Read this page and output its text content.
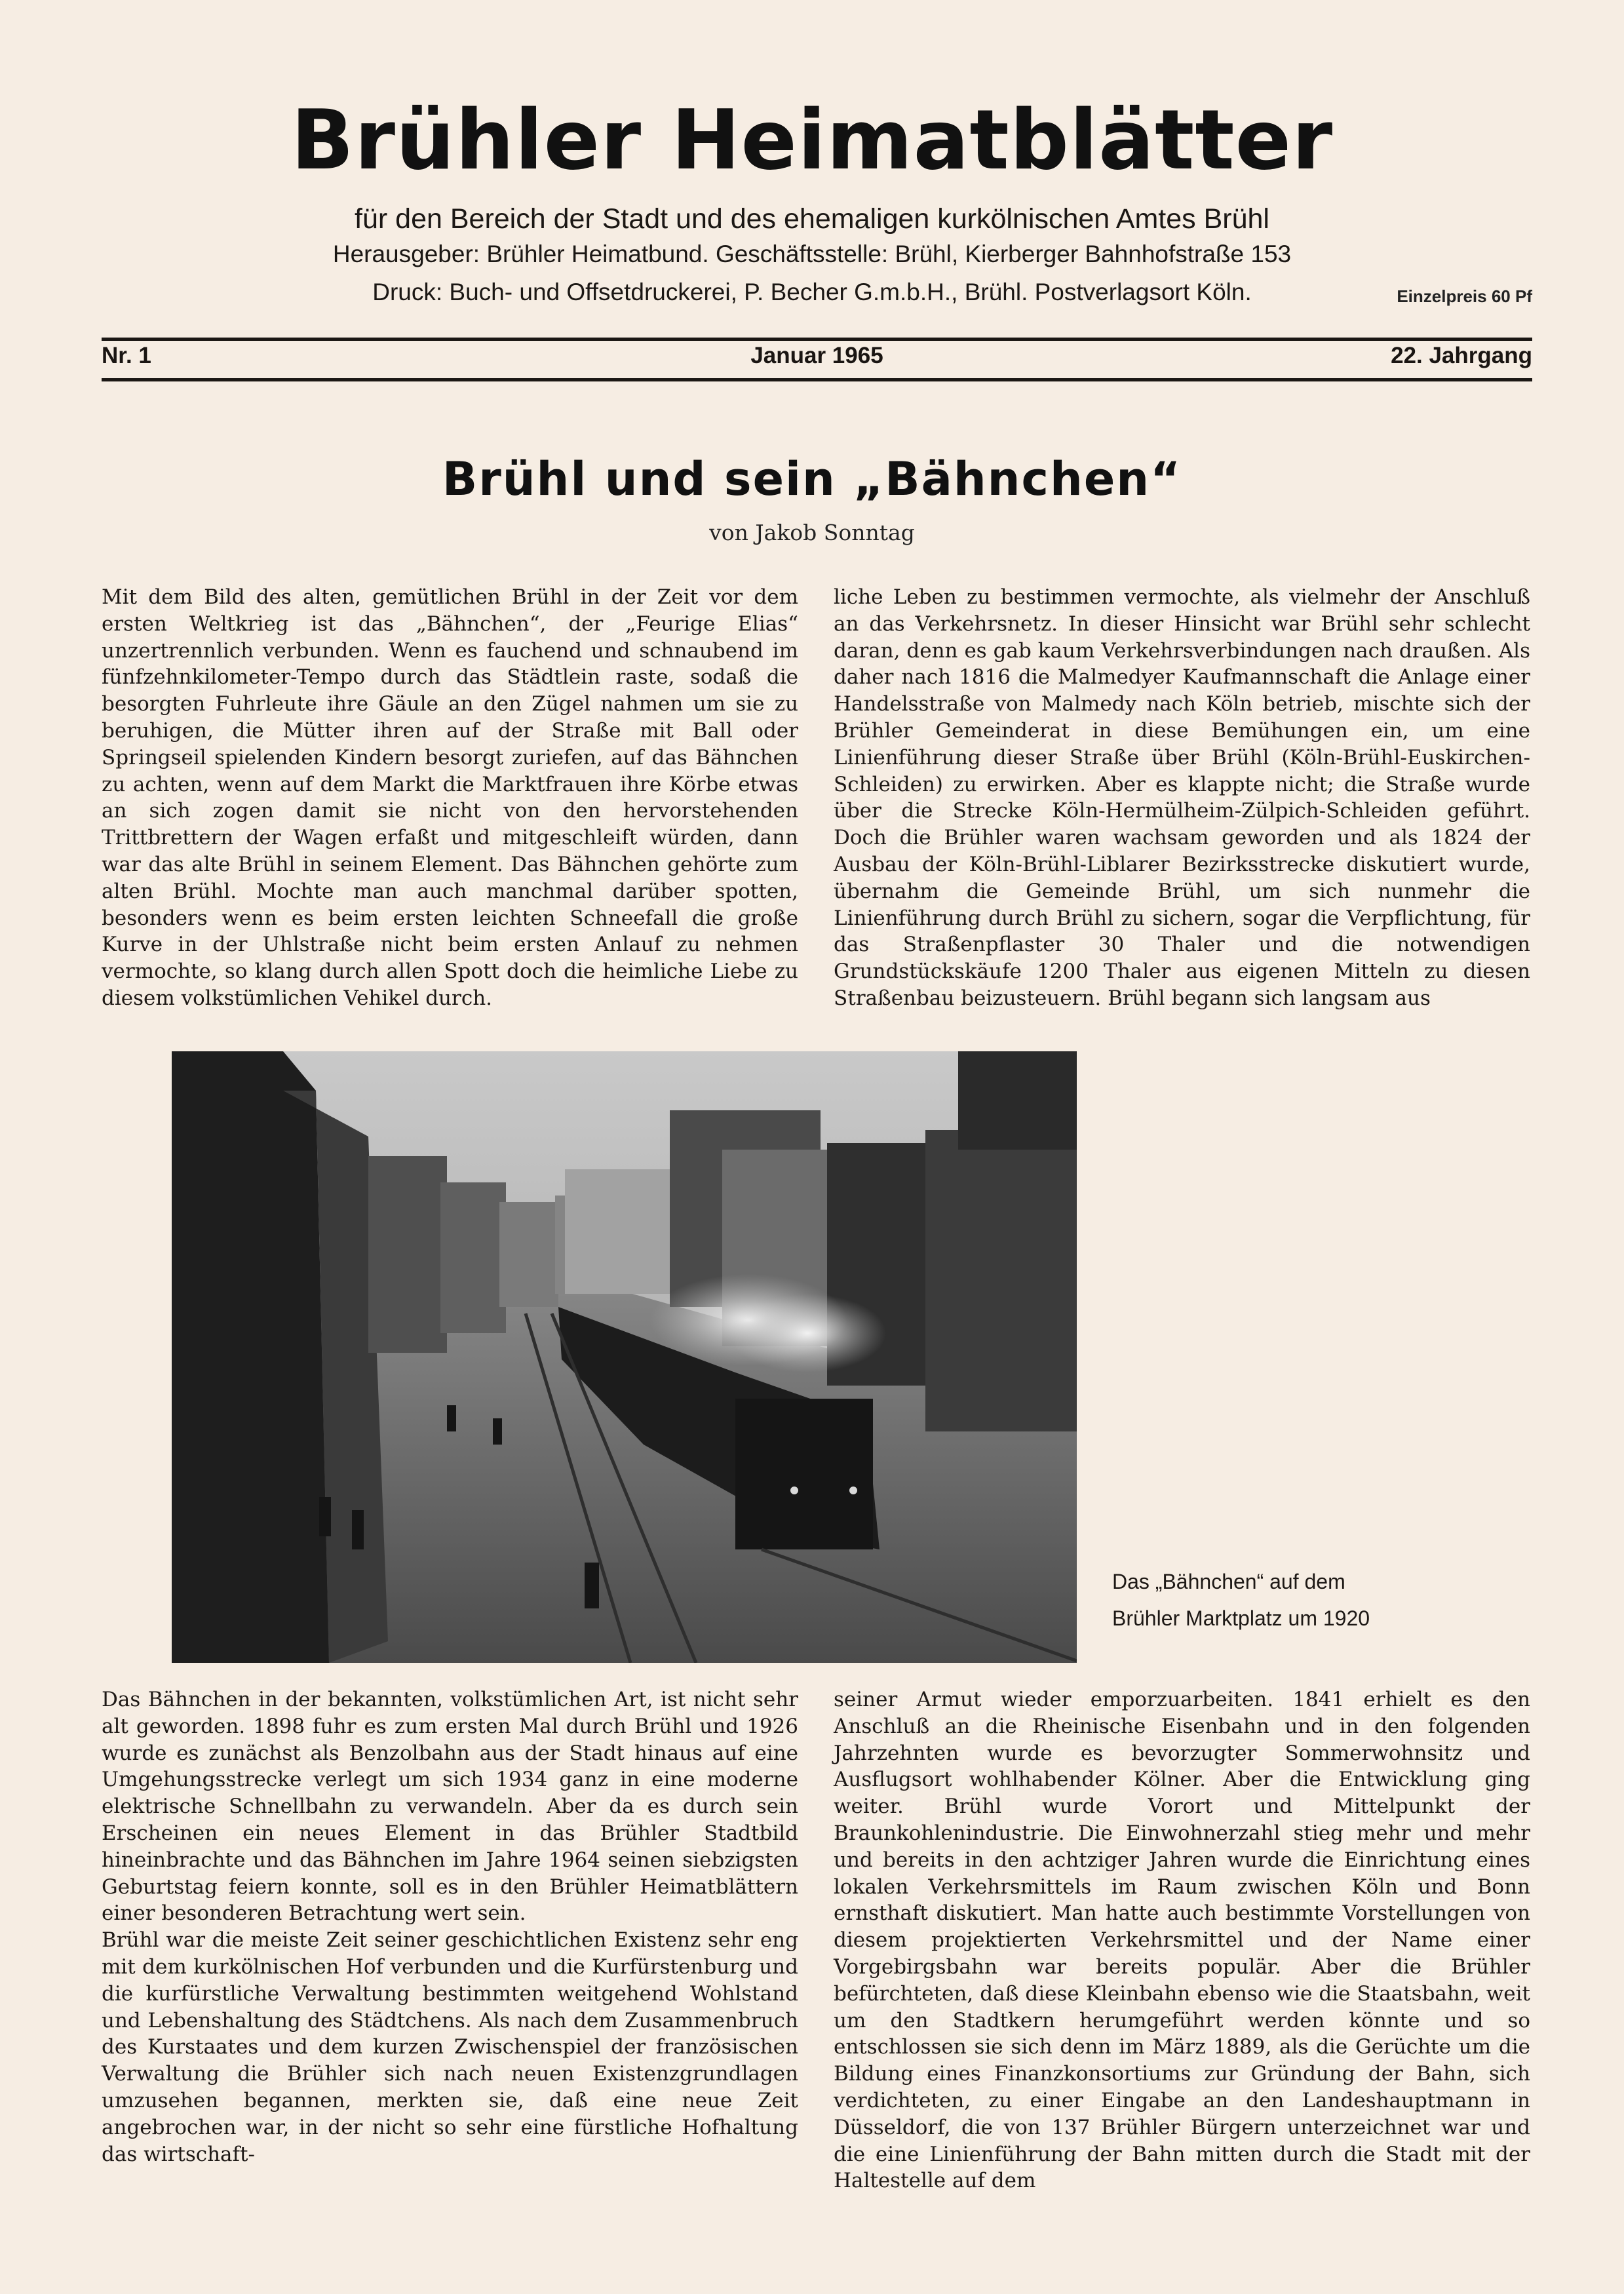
Brühler Heimatblätter
für den Bereich der Stadt und des ehemaligen kurkölnischen Amtes Brühl
Herausgeber: Brühler Heimatbund. Geschäftsstelle: Brühl, Kierberger Bahnhofstraße 153
Druck: Buch- und Offsetdruckerei, P. Becher G.m.b.H., Brühl. Postverlagsort Köln.	Einzelpreis 60 Pf
Nr. 1	Januar 1965	22. Jahrgang
Brühl und sein „Bähnchen“
von Jakob Sonntag

Mit dem Bild des alten, gemütlichen Brühl in der Zeit vor dem ersten Weltkrieg ist das „Bähnchen“, der „Feurige Elias“ unzertrennlich verbunden. Wenn es fauchend und schnaubend im fünfzehnkilometer-Tempo durch das Städtlein raste, sodaß die besorgten Fuhrleute ihre Gäule an den Zügel nahmen um sie zu beruhigen, die Mütter ihren auf der Straße mit Ball oder Springseil spielenden Kindern besorgt zuriefen, auf das Bähnchen zu achten, wenn auf dem Markt die Marktfrauen ihre Körbe etwas an sich zogen damit sie nicht von den hervorstehenden Trittbrettern der Wagen erfaßt und mitgeschleift würden, dann war das alte Brühl in seinem Element. Das Bähnchen gehörte zum alten Brühl. Mochte man auch manchmal darüber spotten, besonders wenn es beim ersten leichten Schneefall die große Kurve in der Uhlstraße nicht beim ersten Anlauf zu nehmen vermochte, so klang durch allen Spott doch die heimliche Liebe zu diesem volkstümlichen Vehikel durch.

liche Leben zu bestimmen vermochte, als vielmehr der Anschluß an das Verkehrsnetz. In dieser Hinsicht war Brühl sehr schlecht daran, denn es gab kaum Verkehrsverbindungen nach draußen. Als daher nach 1816 die Malmedyer Kaufmannschaft die Anlage einer Handelsstraße von Malmedy nach Köln betrieb, mischte sich der Brühler Gemeinderat in diese Bemühungen ein, um eine Linienführung dieser Straße über Brühl (Köln-Brühl-Euskirchen-Schleiden) zu erwirken. Aber es klappte nicht; die Straße wurde über die Strecke Köln-Hermülheim-Zülpich-Schleiden geführt. Doch die Brühler waren wachsam geworden und als 1824 der Ausbau der Köln-Brühl-Liblarer Bezirksstrecke diskutiert wurde, übernahm die Gemeinde Brühl, um sich nunmehr die Linienführung durch Brühl zu sichern, sogar die Verpflichtung, für das Straßenpflaster 30 Thaler und die notwendigen Grundstückskäufe 1200 Thaler aus eigenen Mitteln zu diesen Straßenbau beizusteuern. Brühl begann sich langsam aus

Das „Bähnchen“ auf dem
Brühler Marktplatz um 1920

Das Bähnchen in der bekannten, volkstümlichen Art, ist nicht sehr alt geworden. 1898 fuhr es zum ersten Mal durch Brühl und 1926 wurde es zunächst als Benzolbahn aus der Stadt hinaus auf eine Umgehungsstrecke verlegt um sich 1934 ganz in eine moderne elektrische Schnellbahn zu verwandeln. Aber da es durch sein Erscheinen ein neues Element in das Brühler Stadtbild hineinbrachte und das Bähnchen im Jahre 1964 seinen siebzigsten Geburtstag feiern konnte, soll es in den Brühler Heimatblättern einer besonderen Betrachtung wert sein.

Brühl war die meiste Zeit seiner geschichtlichen Existenz sehr eng mit dem kurkölnischen Hof verbunden und die Kurfürstenburg und die kurfürstliche Verwaltung bestimmten weitgehend Wohlstand und Lebenshaltung des Städtchens. Als nach dem Zusammenbruch des Kurstaates und dem kurzen Zwischenspiel der französischen Verwaltung die Brühler sich nach neuen Existenzgrundlagen umzusehen begannen, merkten sie, daß eine neue Zeit angebrochen war, in der nicht so sehr eine fürstliche Hofhaltung das wirtschaft-

seiner Armut wieder emporzuarbeiten. 1841 erhielt es den Anschluß an die Rheinische Eisenbahn und in den folgenden Jahrzehnten wurde es bevorzugter Sommerwohnsitz und Ausflugsort wohlhabender Kölner. Aber die Entwicklung ging weiter. Brühl wurde Vorort und Mittelpunkt der Braunkohlenindustrie. Die Einwohnerzahl stieg mehr und mehr und bereits in den achtziger Jahren wurde die Einrichtung eines lokalen Verkehrsmittels im Raum zwischen Köln und Bonn ernsthaft diskutiert. Man hatte auch bestimmte Vorstellungen von diesem projektierten Verkehrsmittel und der Name einer Vorgebirgsbahn war bereits populär. Aber die Brühler befürchteten, daß diese Kleinbahn ebenso wie die Staatsbahn, weit um den Stadtkern herumgeführt werden könnte und so entschlossen sie sich denn im März 1889, als die Gerüchte um die Bildung eines Finanzkonsortiums zur Gründung der Bahn, sich verdichteten, zu einer Eingabe an den Landeshauptmann in Düsseldorf, die von 137 Brühler Bürgern unterzeichnet war und die eine Linienführung der Bahn mitten durch die Stadt mit der Haltestelle auf dem
